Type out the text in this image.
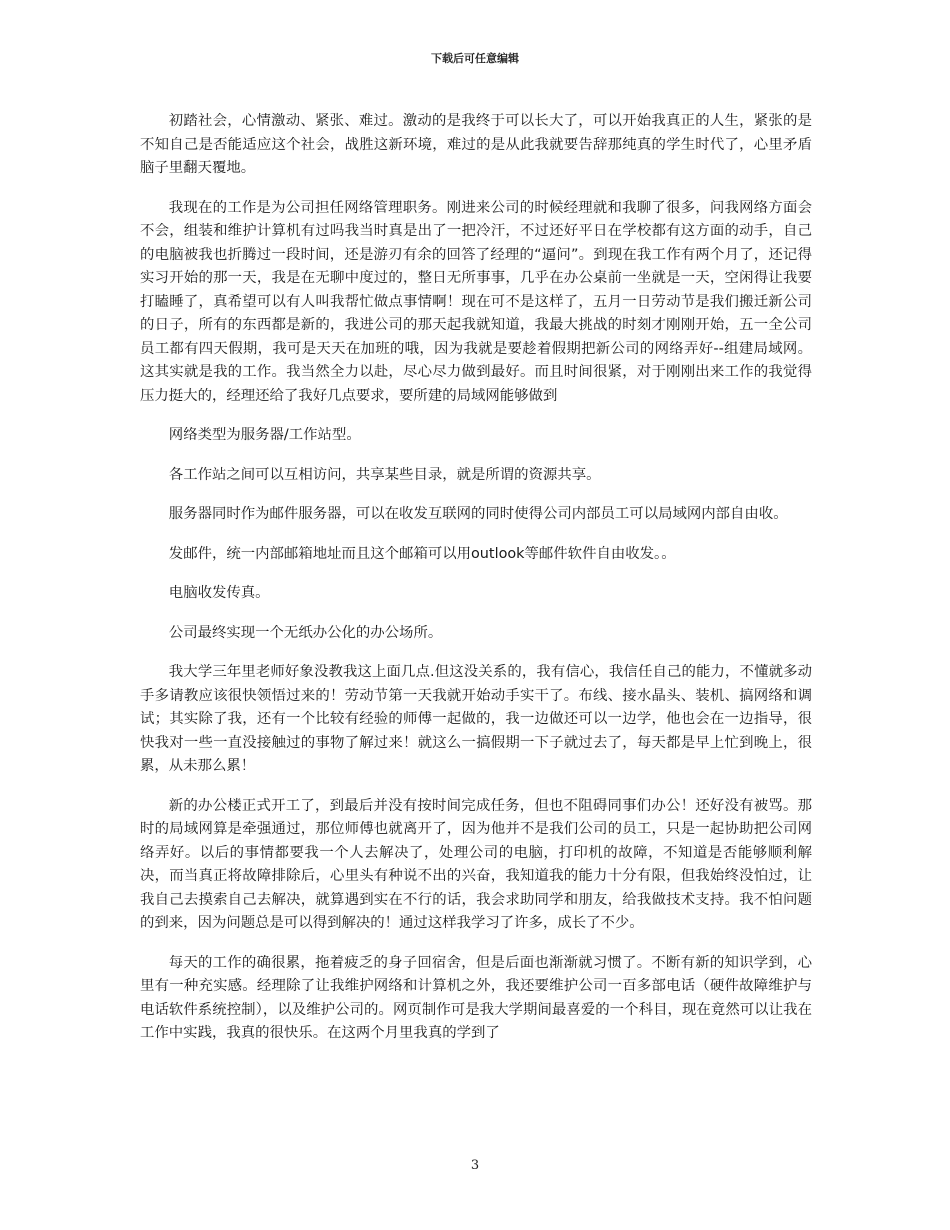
下载后可任意编辑

初踏社会，心情激动、紧张、难过。激动的是我终于可以长大了，可以开始我真正的人生，紧张的是不知自己是否能适应这个社会，战胜这新环境，难过的是从此我就要告辞那纯真的学生时代了，心里矛盾脑子里翻天覆地。

我现在的工作是为公司担任网络管理职务。刚进来公司的时候经理就和我聊了很多，问我网络方面会不会，组装和维护计算机有过吗我当时真是出了一把冷汗，不过还好平日在学校都有这方面的动手，自己的电脑被我也折腾过一段时间，还是游刃有余的回答了经理的“逼问”。到现在我工作有两个月了，还记得实习开始的那一天，我是在无聊中度过的，整日无所事事，几乎在办公桌前一坐就是一天，空闲得让我要打瞌睡了，真希望可以有人叫我帮忙做点事情啊！现在可不是这样了，五月一日劳动节是我们搬迁新公司的日子，所有的东西都是新的，我进公司的那天起我就知道，我最大挑战的时刻才刚刚开始，五一全公司员工都有四天假期，我可是天天在加班的哦，因为我就是要趁着假期把新公司的网络弄好--组建局域网。这其实就是我的工作。我当然全力以赴，尽心尽力做到最好。而且时间很紧，对于刚刚出来工作的我觉得压力挺大的，经理还给了我好几点要求，要所建的局域网能够做到

网络类型为服务器/工作站型。

各工作站之间可以互相访问，共享某些目录，就是所谓的资源共享。

服务器同时作为邮件服务器，可以在收发互联网的同时使得公司内部员工可以局域网内部自由收。

发邮件，统一内部邮箱地址而且这个邮箱可以用outlook等邮件软件自由收发。。

电脑收发传真。

公司最终实现一个无纸办公化的办公场所。

我大学三年里老师好象没教我这上面几点.但这没关系的，我有信心，我信任自己的能力，不懂就多动手多请教应该很快领悟过来的！劳动节第一天我就开始动手实干了。布线、接水晶头、装机、搞网络和调试；其实除了我，还有一个比较有经验的师傅一起做的，我一边做还可以一边学，他也会在一边指导，很快我对一些一直没接触过的事物了解过来！就这么一搞假期一下子就过去了，每天都是早上忙到晚上，很累，从未那么累！

新的办公楼正式开工了，到最后并没有按时间完成任务，但也不阻碍同事们办公！还好没有被骂。那时的局域网算是牵强通过，那位师傅也就离开了，因为他并不是我们公司的员工，只是一起协助把公司网络弄好。以后的事情都要我一个人去解决了，处理公司的电脑，打印机的故障，不知道是否能够顺利解决，而当真正将故障排除后，心里头有种说不出的兴奋，我知道我的能力十分有限，但我始终没怕过，让我自己去摸索自己去解决，就算遇到实在不行的话，我会求助同学和朋友，给我做技术支持。我不怕问题的到来，因为问题总是可以得到解决的！通过这样我学习了许多，成长了不少。

每天的工作的确很累，拖着疲乏的身子回宿舍，但是后面也渐渐就习惯了。不断有新的知识学到，心里有一种充实感。经理除了让我维护网络和计算机之外，我还要维护公司一百多部电话（硬件故障维护与电话软件系统控制），以及维护公司的。网页制作可是我大学期间最喜爱的一个科目，现在竟然可以让我在工作中实践，我真的很快乐。在这两个月里我真的学到了

3
